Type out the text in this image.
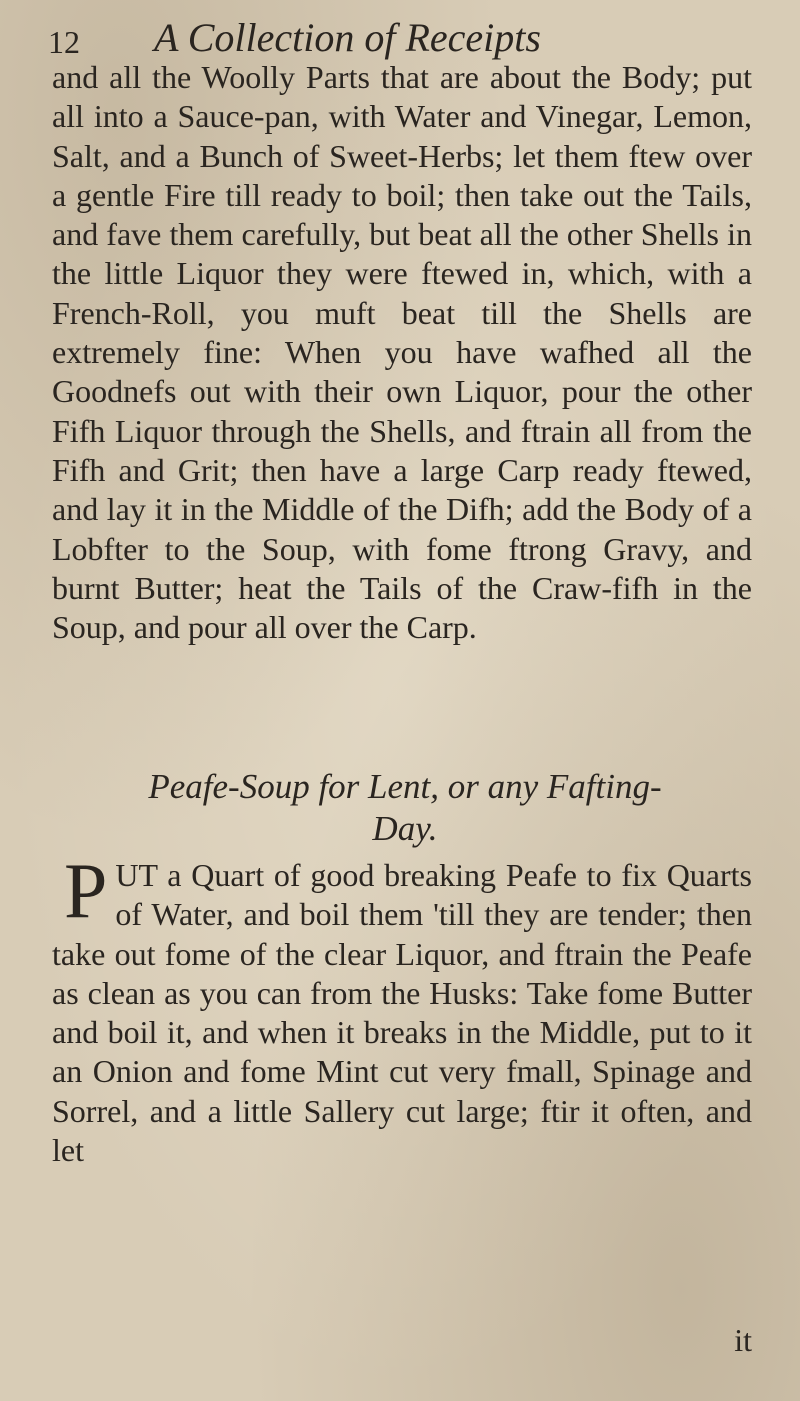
12 A Collection of Receipts

and all the Woolly Parts that are about the Body; put all into a Sauce-pan, with Water and Vinegar, Lemon, Salt, and a Bunch of Sweet-Herbs; let them ftew over a gentle Fire till ready to boil; then take out the Tails, and fave them carefully, but beat all the other Shells in the little Liquor they were ftewed in, which, with a French-Roll, you muft beat till the Shells are extremely fine: When you have wafhed all the Goodnefs out with their own Liquor, pour the other Fifh Liquor through the Shells, and ftrain all from the Fifh and Grit; then have a large Carp ready ftewed, and lay it in the Middle of the Difh; add the Body of a Lobfter to the Soup, with fome ftrong Gravy, and burnt Butter; heat the Tails of the Craw-fifh in the Soup, and pour all over the Carp.

Peafe-Soup for Lent, or any Fafting-
Day.

PUT a Quart of good breaking Peafe to fix Quarts of Water, and boil them 'till they are tender; then take out fome of the clear Liquor, and ftrain the Peafe as clean as you can from the Husks: Take fome Butter and boil it, and when it breaks in the Middle, put to it an Onion and fome Mint cut very fmall, Spinage and Sorrel, and a little Sallery cut large; ftir it often, and let

it
